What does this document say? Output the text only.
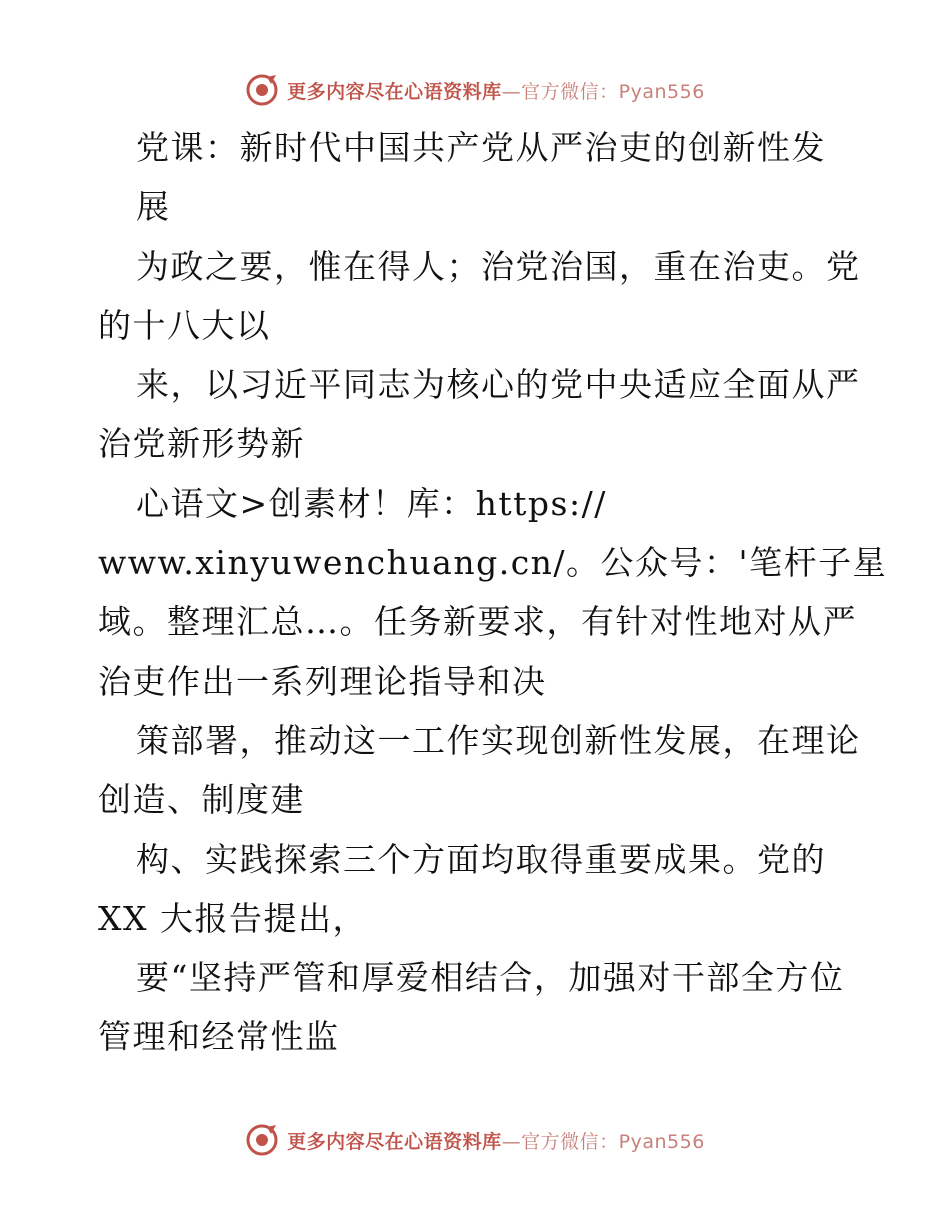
更多内容尽在心语资料库—官方微信：Pyan556
党课：新时代中国共产党从严治吏的创新性发
展
为政之要，惟在得人；治党治国，重在治吏。党
的十八大以
来，以习近平同志为核心的党中央适应全面从严
治党新形势新
心语文>创素材！库：https://
www.xinyuwenchuang.cn/。公众号：'笔杆子星
域。整理汇总…。任务新要求，有针对性地对从严
治吏作出一系列理论指导和决
策部署，推动这一工作实现创新性发展，在理论
创造、制度建
构、实践探索三个方面均取得重要成果。党的
XX 大报告提出，
要“坚持严管和厚爱相结合，加强对干部全方位
管理和经常性监
更多内容尽在心语资料库—官方微信：Pyan556
